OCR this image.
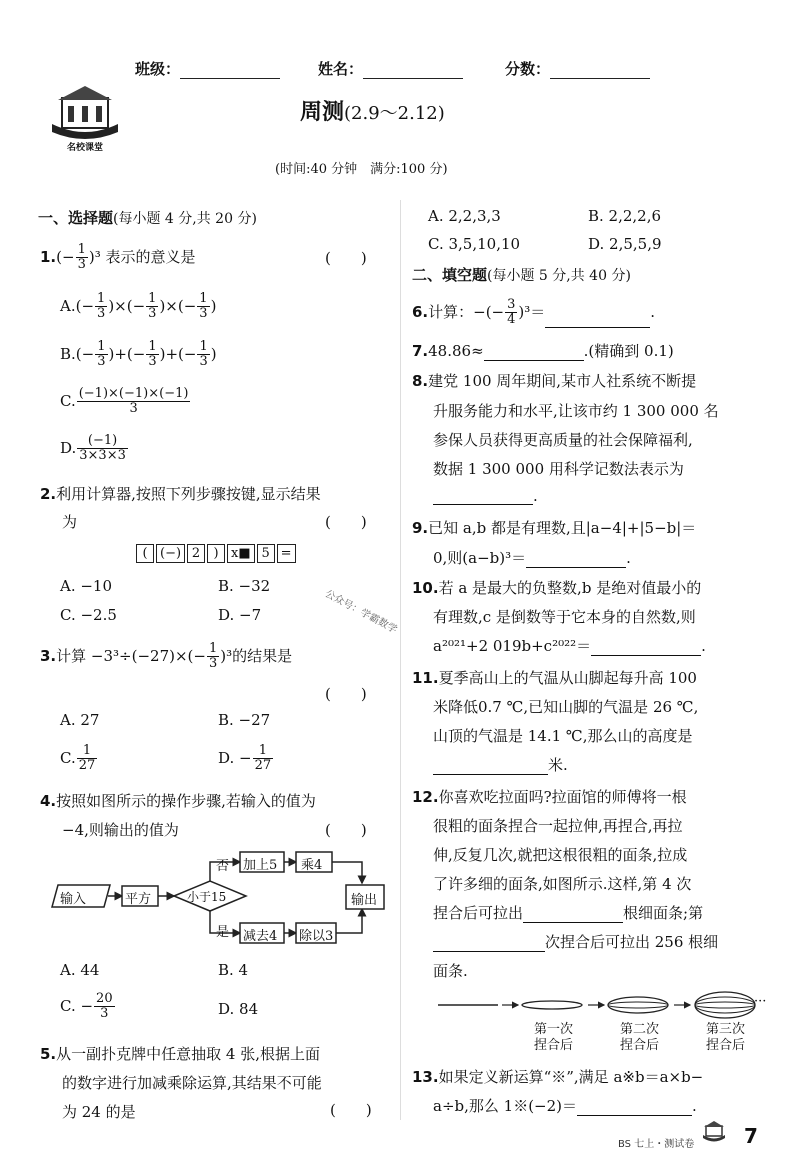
班级：	姓名：	分数：
名校课堂
周测(2.9～2.12)
(时间:40 分钟　满分:100 分)
一、选择题(每小题 4 分,共 20 分)
$1.(- \frac{1}{3} )^3$ 表示的意义是	(　　)
$A.(- \frac{1}{3}$ )×(− $\frac{1}{3}$ )×(− $\frac{1}{3}$ )
$B.(- \frac{1}{3}$ )+(− $\frac{1}{3}$ )+(− $\frac{1}{3}$ )
C. $\frac{(-1)\times(-1)\times(-1)}{3}$
D. $\frac{(-1)}{3\times 3\times 3}$
2.利用计算器,按照下列步骤按键,显示结果
为	(　　)
( (−) 2 ) x■ 5 =
A. −10	B. −32
C. −2.5	D. −7
3.计算 $-3^3\div(-27)\times(- \frac{1}{3} )^3$的结果是
(　　)
A. 27	B. −27
C. $\frac{1}{27}$	D. − $\frac{1}{27}$
4.按照如图所示的操作步骤,若输入的值为
−4,则输出的值为	(　　)
输入	平方	小于15
否
是
加上5 乘4
减去4 除以3
输出
A. 44	B. 4
C. − $\frac{20}{3}$	D. 84
5.从一副扑克牌中任意抽取 4 张,根据上面
的数字进行加减乘除运算,其结果不可能
为 24 的是	(　　)
A. 2,2,3,3	B. 2,2,2,6
C. 3,5,10,10	D. 2,5,5,9
二、填空题(每小题 5 分,共 40 分)
6.计算：−(− $\frac{3}{4} )^3=$	.
7.48.86≈	.(精确到 0.1)
8.建党 100 周年期间,某市人社系统不断提
升服务能力和水平,让该市约 1 300 000 名
参保人员获得更高质量的社会保障福利,
数据 1 300 000 用科学记数法表示为
.
9.已知 a,b 都是有理数,且|a−4|+|5−b|＝
0,则(a−b)³＝	.
10.若 a 是最大的负整数,b 是绝对值最小的
有理数,c 是倒数等于它本身的自然数,则
a²⁰²¹+2 019b+c²⁰²²＝	.
11.夏季高山上的气温从山脚起每升高 100
米降低0.7 ℃,已知山脚的气温是 26 ℃,
山顶的气温是 14.1 ℃,那么山的高度是
米.
12.你喜欢吃拉面吗?拉面馆的师傅将一根
很粗的面条捏合一起拉伸,再捏合,再拉
伸,反复几次,就把这根很粗的面条,拉成
了许多细的面条,如图所示.这样,第 4 次
捏合后可拉出	根细面条;第
次捏合后可拉出 256 根细
面条.
···
第一次
捏合后
第二次
捏合后
第三次
捏合后
13.如果定义新运算“※”,满足 a※b＝a×b−
a÷b,那么 1※(−2)＝	.
公众号：学霸数学
BS 七上・测试卷 7
